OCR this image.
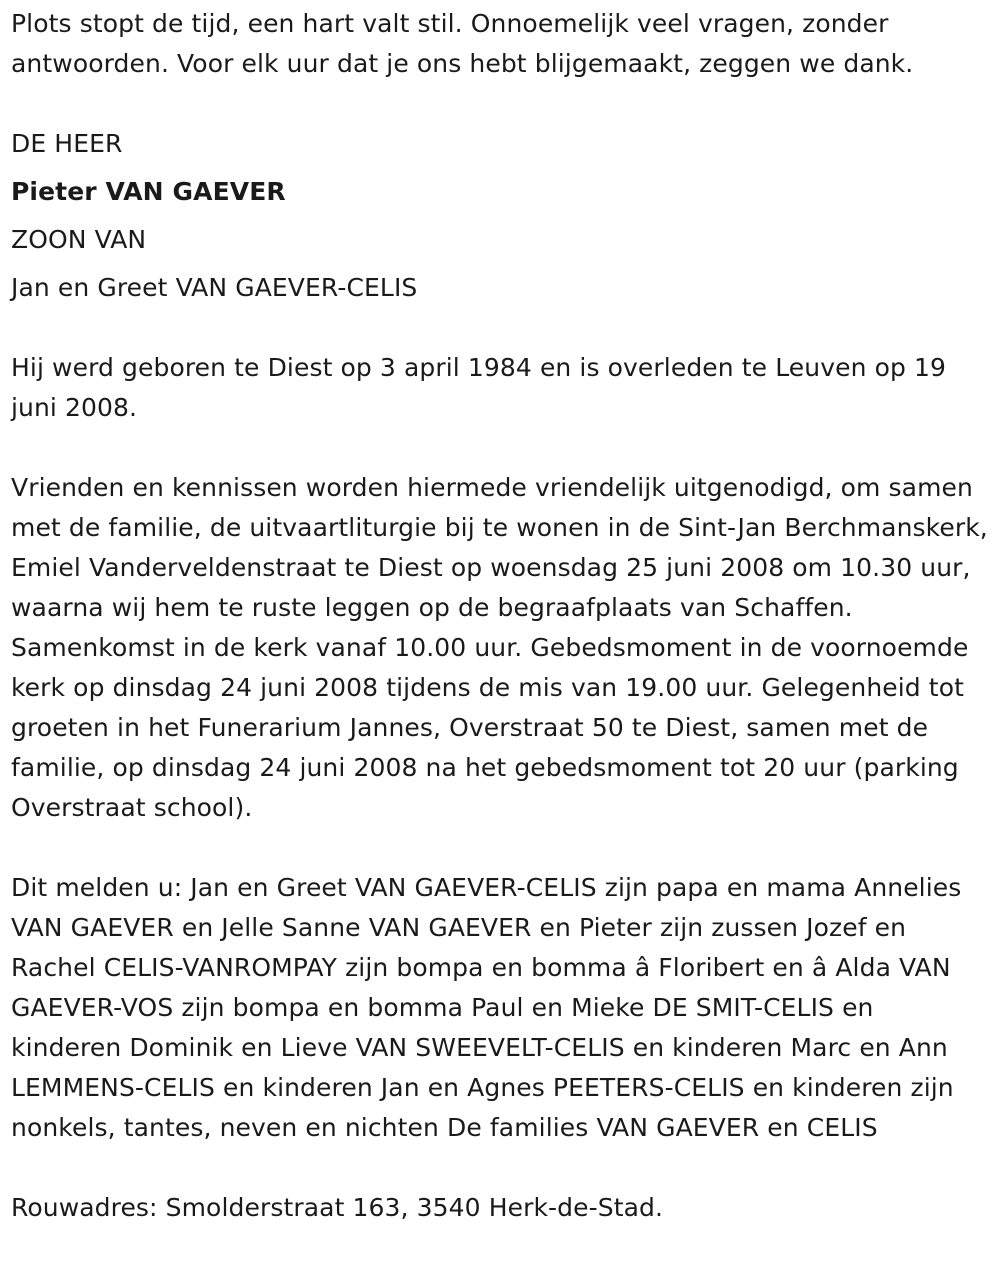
Plots stopt de tijd, een hart valt stil. Onnoemelijk veel vragen, zonder antwoorden. Voor elk uur dat je ons hebt blijgemaakt, zeggen we dank.

DE HEER

Pieter VAN GAEVER

ZOON VAN

Jan en Greet VAN GAEVER-CELIS

Hij werd geboren te Diest op 3 april 1984 en is overleden te Leuven op 19 juni 2008.

Vrienden en kennissen worden hiermede vriendelijk uitgenodigd, om samen met de familie, de uitvaartliturgie bij te wonen in de Sint-Jan Berchmanskerk, Emiel Vanderveldenstraat te Diest op woensdag 25 juni 2008 om 10.30 uur, waarna wij hem te ruste leggen op de begraafplaats van Schaffen. Samenkomst in de kerk vanaf 10.00 uur. Gebedsmoment in de voornoemde kerk op dinsdag 24 juni 2008 tijdens de mis van 19.00 uur. Gelegenheid tot groeten in het Funerarium Jannes, Overstraat 50 te Diest, samen met de familie, op dinsdag 24 juni 2008 na het gebedsmoment tot 20 uur (parking Overstraat school).

Dit melden u: Jan en Greet VAN GAEVER-CELIS zijn papa en mama Annelies VAN GAEVER en Jelle Sanne VAN GAEVER en Pieter zijn zussen Jozef en Rachel CELIS-VANROMPAY zijn bompa en bomma â Floribert en â Alda VAN GAEVER-VOS zijn bompa en bomma Paul en Mieke DE SMIT-CELIS en kinderen Dominik en Lieve VAN SWEEVELT-CELIS en kinderen Marc en Ann LEMMENS-CELIS en kinderen Jan en Agnes PEETERS-CELIS en kinderen zijn nonkels, tantes, neven en nichten De families VAN GAEVER en CELIS

Rouwadres: Smolderstraat 163, 3540 Herk-de-Stad.
